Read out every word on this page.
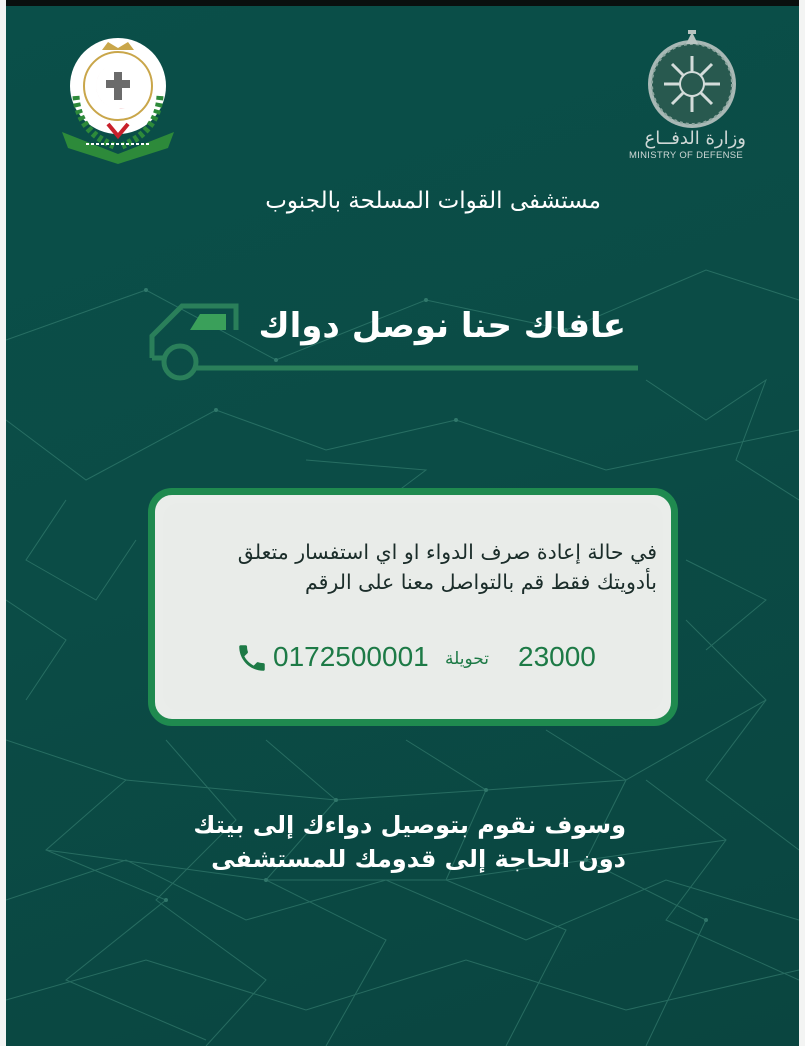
وزارة الدفــاع
MINISTRY OF DEFENSE
مستشفى القوات المسلحة بالجنوب
عافاك حنا نوصل دواك
في حالة إعادة صرف الدواء او اي استفسار متعلق
بأدويتك فقط قم بالتواصل معنا على الرقم
23000
تحويلة
0172500001
وسوف نقوم بتوصيل دواءك إلى بيتك
دون الحاجة إلى قدومك للمستشفى
